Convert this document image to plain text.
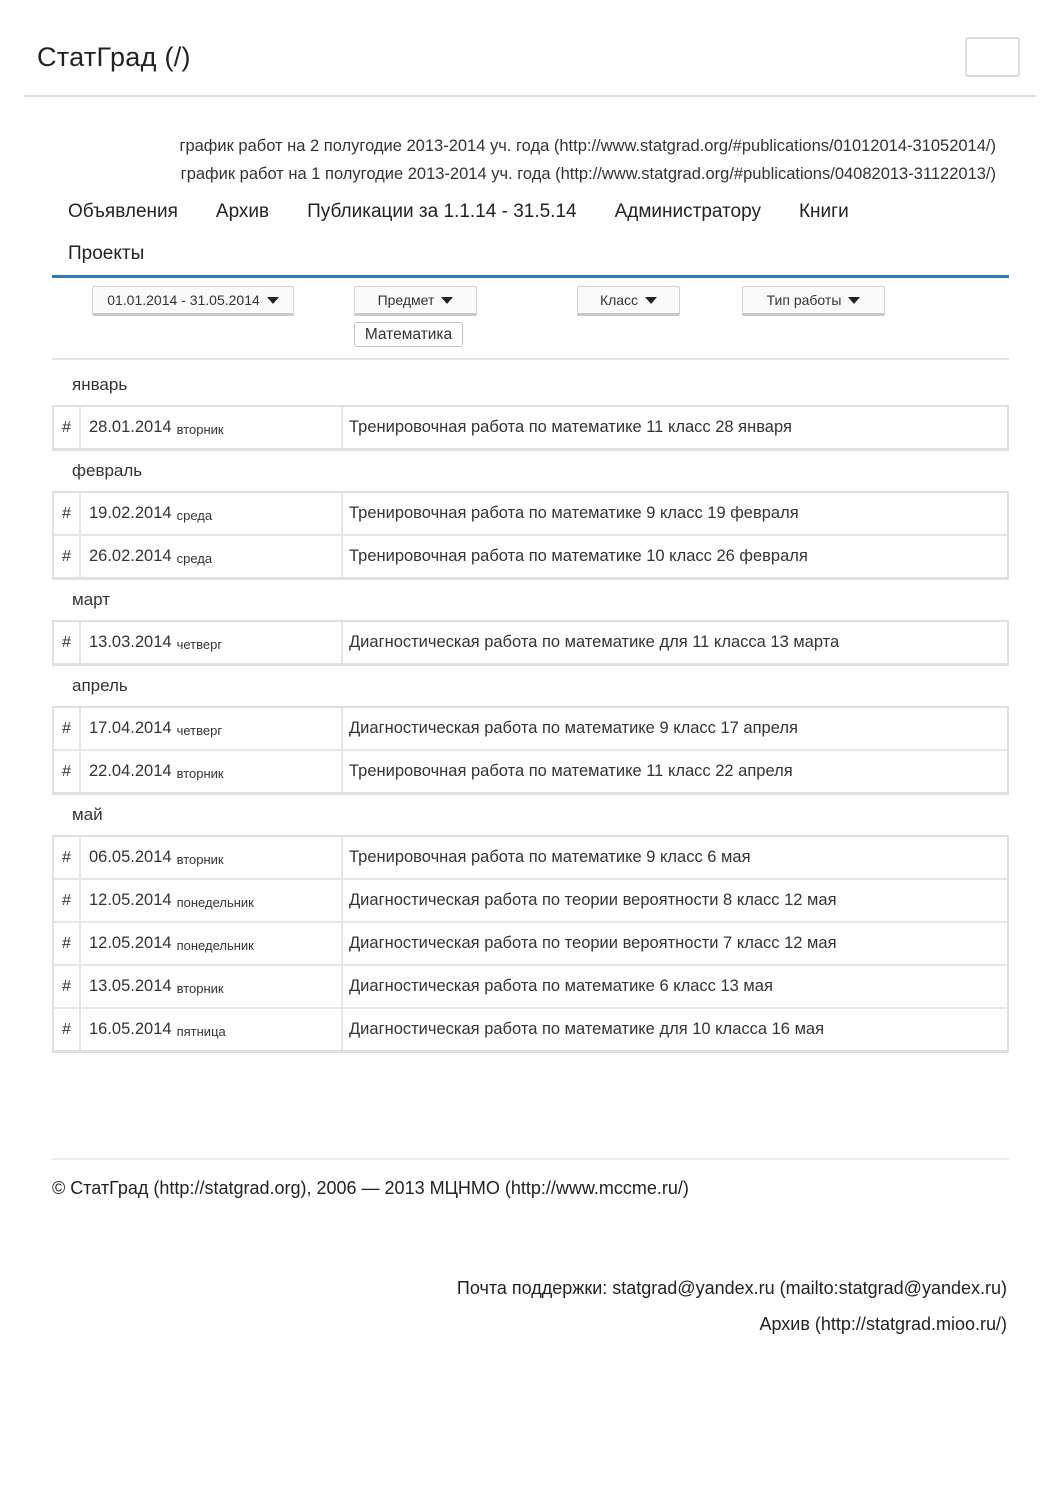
СтатГрад (/)
график работ на 2 полугодие 2013-2014 уч. года (http://www.statgrad.org/#publications/01012014-31052014/)
график работ на 1 полугодие 2013-2014 уч. года (http://www.statgrad.org/#publications/04082013-31122013/)
Объявления Архив Публикации за 1.1.14 - 31.5.14 Администратору Книги
Проекты
01.01.2014 - 31.05.2014	Предмет	Класс	Тип работы
Математика
январь
#	28.01.2014 вторник	Тренировочная работа по математике 11 класс 28 января
февраль
#	19.02.2014 среда	Тренировочная работа по математике 9 класс 19 февраля
#	26.02.2014 среда	Тренировочная работа по математике 10 класс 26 февраля
март
#	13.03.2014 четверг	Диагностическая работа по математике для 11 класса 13 марта
апрель
#	17.04.2014 четверг	Диагностическая работа по математике 9 класс 17 апреля
#	22.04.2014 вторник	Тренировочная работа по математике 11 класс 22 апреля
май
#	06.05.2014 вторник	Тренировочная работа по математике 9 класс 6 мая
#	12.05.2014 понедельник	Диагностическая работа по теории вероятности 8 класс 12 мая
#	12.05.2014 понедельник	Диагностическая работа по теории вероятности 7 класс 12 мая
#	13.05.2014 вторник	Диагностическая работа по математике 6 класс 13 мая
#	16.05.2014 пятница	Диагностическая работа по математике для 10 класса 16 мая
© СтатГрад (http://statgrad.org), 2006 — 2013 МЦНМО (http://www.mccme.ru/)
Почта поддержки: statgrad@yandex.ru (mailto:statgrad@yandex.ru)
Архив (http://statgrad.mioo.ru/)
